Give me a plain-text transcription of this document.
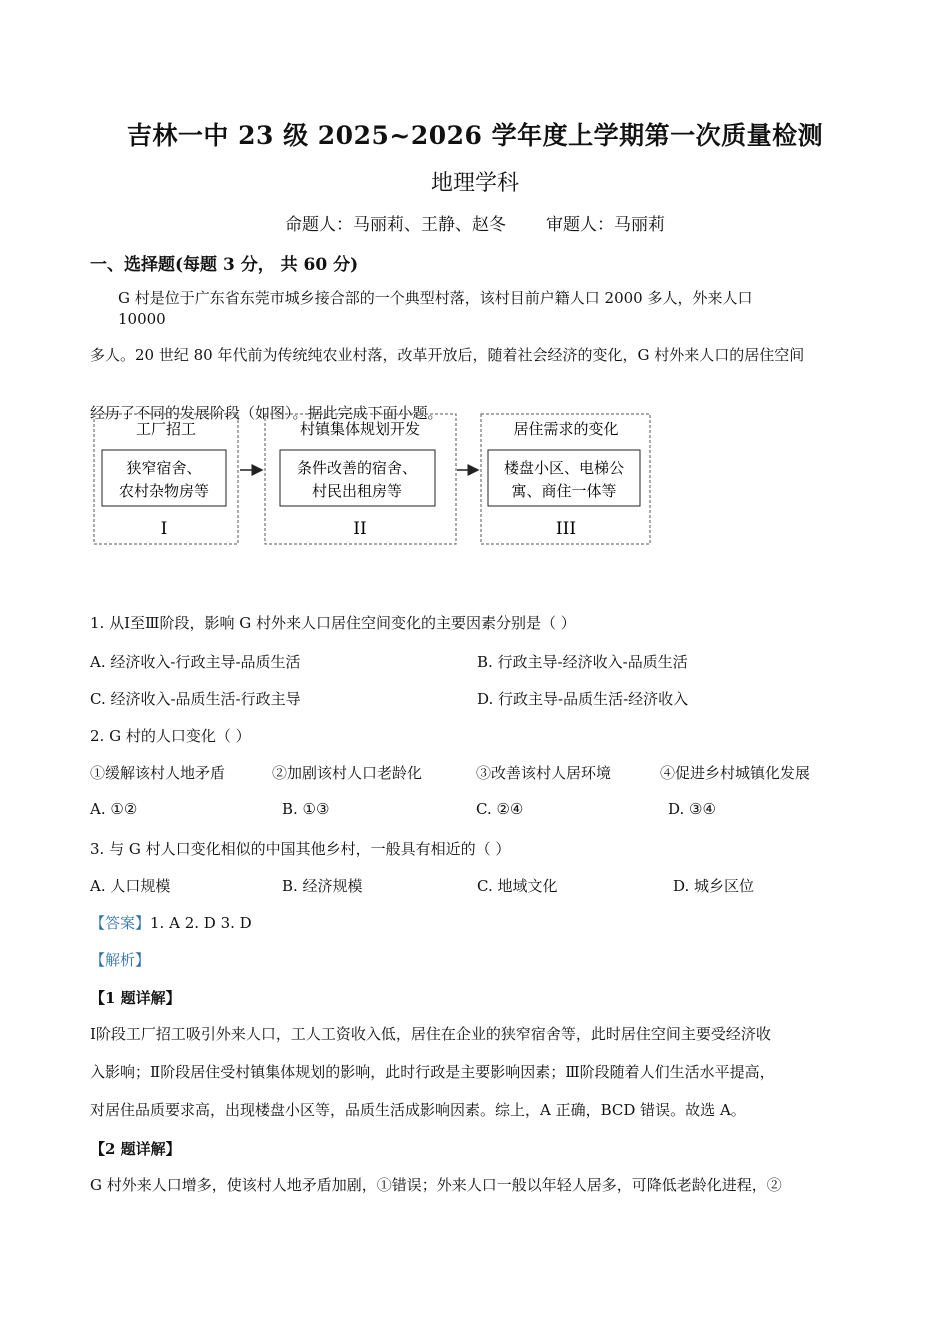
吉林一中 23 级 2025~2026 学年度上学期第一次质量检测
地理学科
命题人：马丽莉、王静、赵冬 审题人：马丽莉
一、选择题(每题 3 分， 共 60 分)
G 村是位于广东省东莞市城乡接合部的一个典型村落，该村目前户籍人口 2000 多人，外来人口
10000
多人。20 世纪 80 年代前为传统纯农业村落，改革开放后，随着社会经济的变化，G 村外来人口的居住空间
经历了不同的发展阶段（如图）。据此完成下面小题。
工厂招工
狭窄宿舍、
农村杂物房等
I
村镇集体规划开发
条件改善的宿舍、
村民出租房等
II
居住需求的变化
楼盘小区、电梯公
寓、商住一体等
III
1. 从Ⅰ至Ⅲ阶段，影响 G 村外来人口居住空间变化的主要因素分别是（ ）
A. 经济收入-行政主导-品质生活	B. 行政主导-经济收入-品质生活
C. 经济收入-品质生活-行政主导	D. 行政主导-品质生活-经济收入
2. G 村的人口变化（ ）
①缓解该村人地矛盾	②加剧该村人口老龄化	③改善该村人居环境	④促进乡村城镇化发展
A. ①②	B. ①③	C. ②④	D. ③④
3. 与 G 村人口变化相似的中国其他乡村，一般具有相近的（ ）
A. 人口规模	B. 经济规模	C. 地域文化	D. 城乡区位
【答案】1. A 2. D 3. D
【解析】
【1 题详解】
Ⅰ阶段工厂招工吸引外来人口，工人工资收入低，居住在企业的狭窄宿舍等，此时居住空间主要受经济收
入影响；Ⅱ阶段居住受村镇集体规划的影响，此时行政是主要影响因素；Ⅲ阶段随着人们生活水平提高，
对居住品质要求高，出现楼盘小区等，品质生活成影响因素。综上，A 正确，BCD 错误。故选 A。
【2 题详解】
G 村外来人口增多，使该村人地矛盾加剧，①错误；外来人口一般以年轻人居多，可降低老龄化进程，②
